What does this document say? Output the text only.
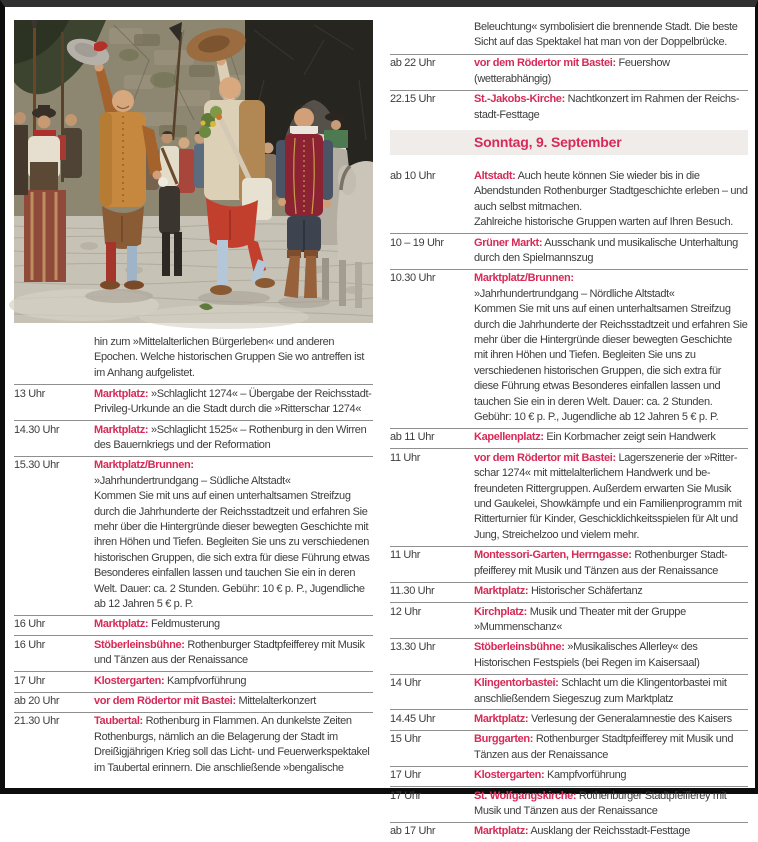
hin zum »Mittelalterlichen Bürgerleben« und anderen Epochen. Welche historischen Gruppen Sie wo antreffen ist im Anhang aufgelistet.
13 Uhr	Marktplatz: »Schlaglicht 1274« – Übergabe der Reichsstadt-Privileg-Urkunde an die Stadt durch die »Ritterschar 1274«
14.30 Uhr	Marktplatz: »Schlaglicht 1525« – Rothenburg in den Wirren des Bauernkriegs und der Reformation
15.30 Uhr	Marktplatz/Brunnen:
»Jahrhundertrundgang – Südliche Altstadt«
Kommen Sie mit uns auf einen unterhaltsamen Streifzug durch die Jahrhunderte der Reichsstadtzeit und erfahren Sie mehr über die Hintergründe dieser bewegten Geschichte mit ihren Höhen und Tiefen. Begleiten Sie uns zu verschiedenen historischen Gruppen, die sich extra für diese Führung etwas Besonderes einfallen lassen und tauchen Sie ein in deren Welt. Dauer: ca. 2 Stunden. Gebühr: 10 € p. P., Jugendliche ab 12 Jahren 5 € p. P.
16 Uhr	Marktplatz: Feldmusterung
16 Uhr	Stöberleinsbühne: Rothenburger Stadtpfeifferey mit Musik und Tänzen aus der Renaissance
17 Uhr	Klostergarten: Kampfvorführung
ab 20 Uhr	vor dem Rödertor mit Bastei: Mittelalterkonzert
21.30 Uhr	Taubertal: Rothenburg in Flammen. An dunkelste Zeiten Rothenburgs, nämlich an die Belagerung der Stadt im Dreißigjährigen Krieg soll das Licht- und Feuerwerkspektakel im Taubertal erinnern. Die anschließende »bengalische
Beleuchtung« symbolisiert die brennende Stadt. Die beste Sicht auf das Spektakel hat man von der Doppelbrücke.
ab 22 Uhr	vor dem Rödertor mit Bastei: Feuershow (wetterabhängig)
22.15 Uhr	St.-Jakobs-Kirche: Nachtkonzert im Rahmen der Reichsstadt-Festtage
Sonntag, 9. September
ab 10 Uhr	Altstadt: Auch heute können Sie wieder bis in die Abendstunden Rothenburger Stadtgeschichte erleben – und auch selbst mitmachen.
Zahlreiche historische Gruppen warten auf Ihren Besuch.
10 – 19 Uhr	Grüner Markt: Ausschank und musikalische Unterhaltung durch den Spielmannszug
10.30 Uhr	Marktplatz/Brunnen:
»Jahrhundertrundgang – Nördliche Altstadt«
Kommen Sie mit uns auf einen unterhaltsamen Streifzug durch die Jahrhunderte der Reichsstadtzeit und erfahren Sie mehr über die Hintergründe dieser bewegten Geschichte mit ihren Höhen und Tiefen. Begleiten Sie uns zu verschiedenen historischen Gruppen, die sich extra für diese Führung etwas Besonderes einfallen lassen und tauchen Sie ein in deren Welt. Dauer: ca. 2 Stunden. Gebühr: 10 € p. P., Jugendliche ab 12 Jahren 5 € p. P.
ab 11 Uhr	Kapellenplatz: Ein Korbmacher zeigt sein Handwerk
11 Uhr	vor dem Rödertor mit Bastei: Lagerszenerie der »Ritterschar 1274« mit mittelalterlichem Handwerk und befreundeten Rittergruppen. Außerdem erwarten Sie Musik und Gaukelei, Showkämpfe und ein Familienprogramm mit Ritterturnier für Kinder, Geschicklichkeitsspielen für Alt und Jung, Streichelzoo und vielem mehr.
11 Uhr	Montessori-Garten, Herrngasse: Rothenburger Stadtpfeifferey mit Musik und Tänzen aus der Renaissance
11.30 Uhr	Marktplatz: Historischer Schäfertanz
12 Uhr	Kirchplatz: Musik und Theater mit der Gruppe »Mummenschanz«
13.30 Uhr	Stöberleinsbühne: »Musikalisches Allerley« des Historischen Festspiels (bei Regen im Kaisersaal)
14 Uhr	Klingentorbastei: Schlacht um die Klingentorbastei mit anschließendem Siegeszug zum Marktplatz
14.45 Uhr	Marktplatz: Verlesung der Generalamnestie des Kaisers
15 Uhr	Burggarten: Rothenburger Stadtpfeifferey mit Musik und Tänzen aus der Renaissance
17 Uhr	Klostergarten: Kampfvorführung
17 Uhr	St. Wolfgangskirche: Rothenburger Stadtpfeifferey mit Musik und Tänzen aus der Renaissance
ab 17 Uhr	Marktplatz: Ausklang der Reichsstadt-Festtage
